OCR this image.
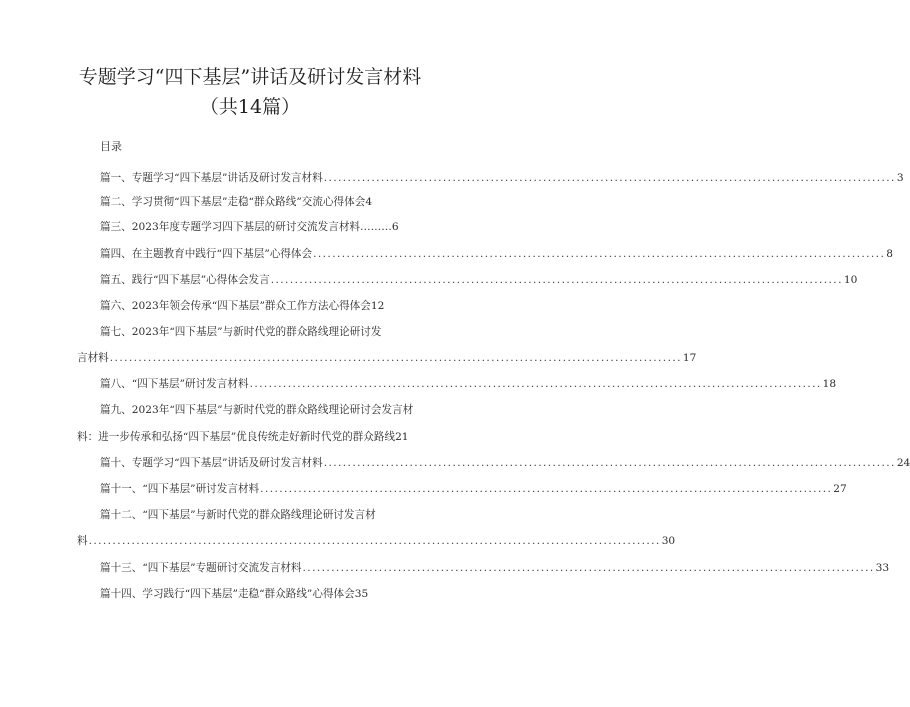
专题学习“四下基层”讲话及研讨发言材料
（共14篇）
目录
篇一、专题学习“四下基层”讲话及研讨发言材料 ........................................................................................................................ 3
篇二、学习贯彻“四下基层”走稳“群众路线”交流心得体会 4
篇三、2023年度专题学习四下基层的研讨交流发言材料……… 6
篇四、在主题教育中践行“四下基层”心得体会 ........................................................................................................................ 8
篇五、践行“四下基层”心得体会发言 ........................................................................................................................ 10
篇六、2023年领会传承“四下基层”群众工作方法心得体会 12
篇七、2023年“四下基层”与新时代党的群众路线理论研讨发
言材料 ........................................................................................................................ 17
篇八、“四下基层”研讨发言材料 ........................................................................................................................ 18
篇九、2023年“四下基层”与新时代党的群众路线理论研讨会发言材
料：进一步传承和弘扬“四下基层”优良传统走好新时代党的群众路线 21
篇十、专题学习“四下基层”讲话及研讨发言材料 ........................................................................................................................ 24
篇十一、“四下基层”研讨发言材料 ........................................................................................................................ 27
篇十二、“四下基层”与新时代党的群众路线理论研讨发言材
料 ........................................................................................................................ 30
篇十三、“四下基层”专题研讨交流发言材料 ........................................................................................................................ 33
篇十四、学习践行“四下基层”走稳“群众路线”心得体会 35
